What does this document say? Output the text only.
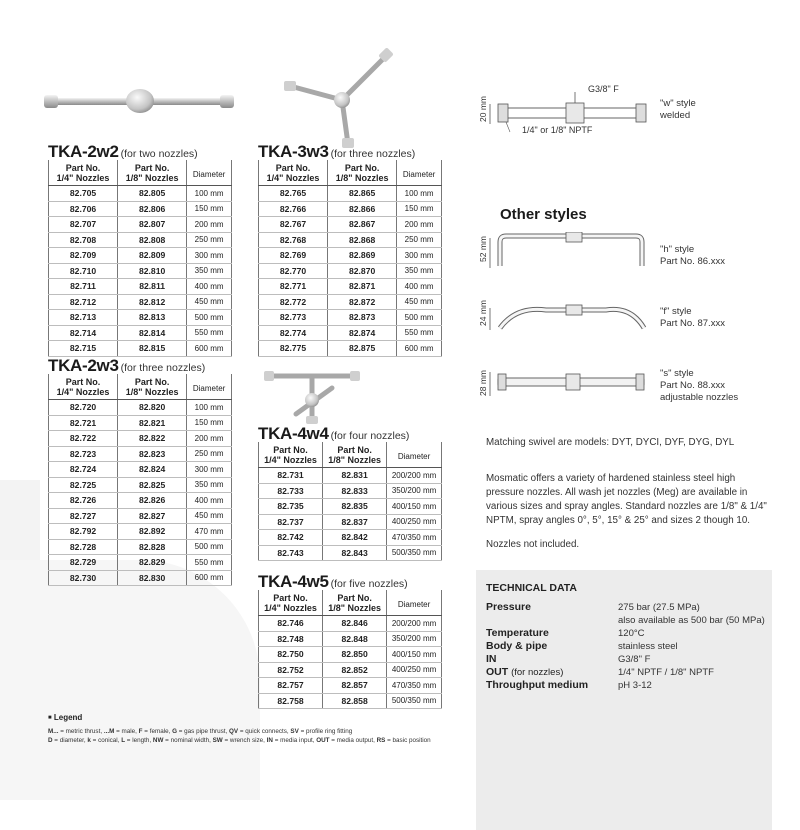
TKA-2w2 (for two nozzles)	TKA-3w3 (for three nozzles)
TKA-2w3 (for three nozzles)
TKA-4w4 (for four nozzles)
TKA-4w5 (for five nozzles)
Part No.
1/4" Nozzles	Part No.
1/8" Nozzles	Diameter
82.705	82.805	100 mm
82.706	82.806	150 mm
82.707	82.807	200 mm
82.708	82.808	250 mm
82.709	82.809	300 mm
82.710	82.810	350 mm
82.711	82.811	400 mm
82.712	82.812	450 mm
82.713	82.813	500 mm
82.714	82.814	550 mm
82.715	82.815	600 mm
Part No.
1/4" Nozzles	Part No.
1/8" Nozzles	Diameter
82.765	82.865	100 mm
82.766	82.866	150 mm
82.767	82.867	200 mm
82.768	82.868	250 mm
82.769	82.869	300 mm
82.770	82.870	350 mm
82.771	82.871	400 mm
82.772	82.872	450 mm
82.773	82.873	500 mm
82.774	82.874	550 mm
82.775	82.875	600 mm
Part No.
1/4" Nozzles	Part No.
1/8" Nozzles	Diameter
82.720	82.820	100 mm
82.721	82.821	150 mm
82.722	82.822	200 mm
82.723	82.823	250 mm
82.724	82.824	300 mm
82.725	82.825	350 mm
82.726	82.826	400 mm
82.727	82.827	450 mm
82.792	82.892	470 mm
82.728	82.828	500 mm
82.729	82.829	550 mm
82.730	82.830	600 mm
Part No.
1/4" Nozzles	Part No.
1/8" Nozzles	Diameter
82.731	82.831	200/200 mm
82.733	82.833	350/200 mm
82.735	82.835	400/150 mm
82.737	82.837	400/250 mm
82.742	82.842	470/350 mm
82.743	82.843	500/350 mm
Part No.
1/4" Nozzles	Part No.
1/8" Nozzles	Diameter
82.746	82.846	200/200 mm
82.748	82.848	350/200 mm
82.750	82.850	400/150 mm
82.752	82.852	400/250 mm
82.757	82.857	470/350 mm
82.758	82.858	500/350 mm
20 mm
G3/8" F
1/4" or 1/8" NPTF
"w" style
welded
Other styles
52 mm	"h" style
Part No. 86.xxx
24 mm	"f" style
Part No. 87.xxx
28 mm	"s" style
Part No. 88.xxx
adjustable nozzles
Matching swivel are models: DYT, DYCI, DYF, DYG, DYL
Mosmatic offers a variety of hardened stainless steel high pressure nozzles. All wash jet nozzles (Meg) are available in various sizes and spray angles. Standard nozzles are 1/8" & 1/4" NPTM, spray angles 0°, 5°, 15° & 25° and sizes 2 though 10.
Nozzles not included.
TECHNICAL DATA
Pressure	275 bar (27.5 MPa)
also available as 500 bar (50 MPa)
Temperature	120°C
Body & pipe	stainless steel
IN	G3/8" F
OUT (for nozzles)	1/4" NPTF / 1/8" NPTF
Throughput medium	pH 3-12
■ Legend
M... = metric thrust, ...M = male, F = female, G = gas pipe thrust, QV = quick connects, SV = profile ring fitting
D = diameter, k = conical, L = length, NW = nominal width, SW = wrench size, IN = media input, OUT = media output, RS = basic position
